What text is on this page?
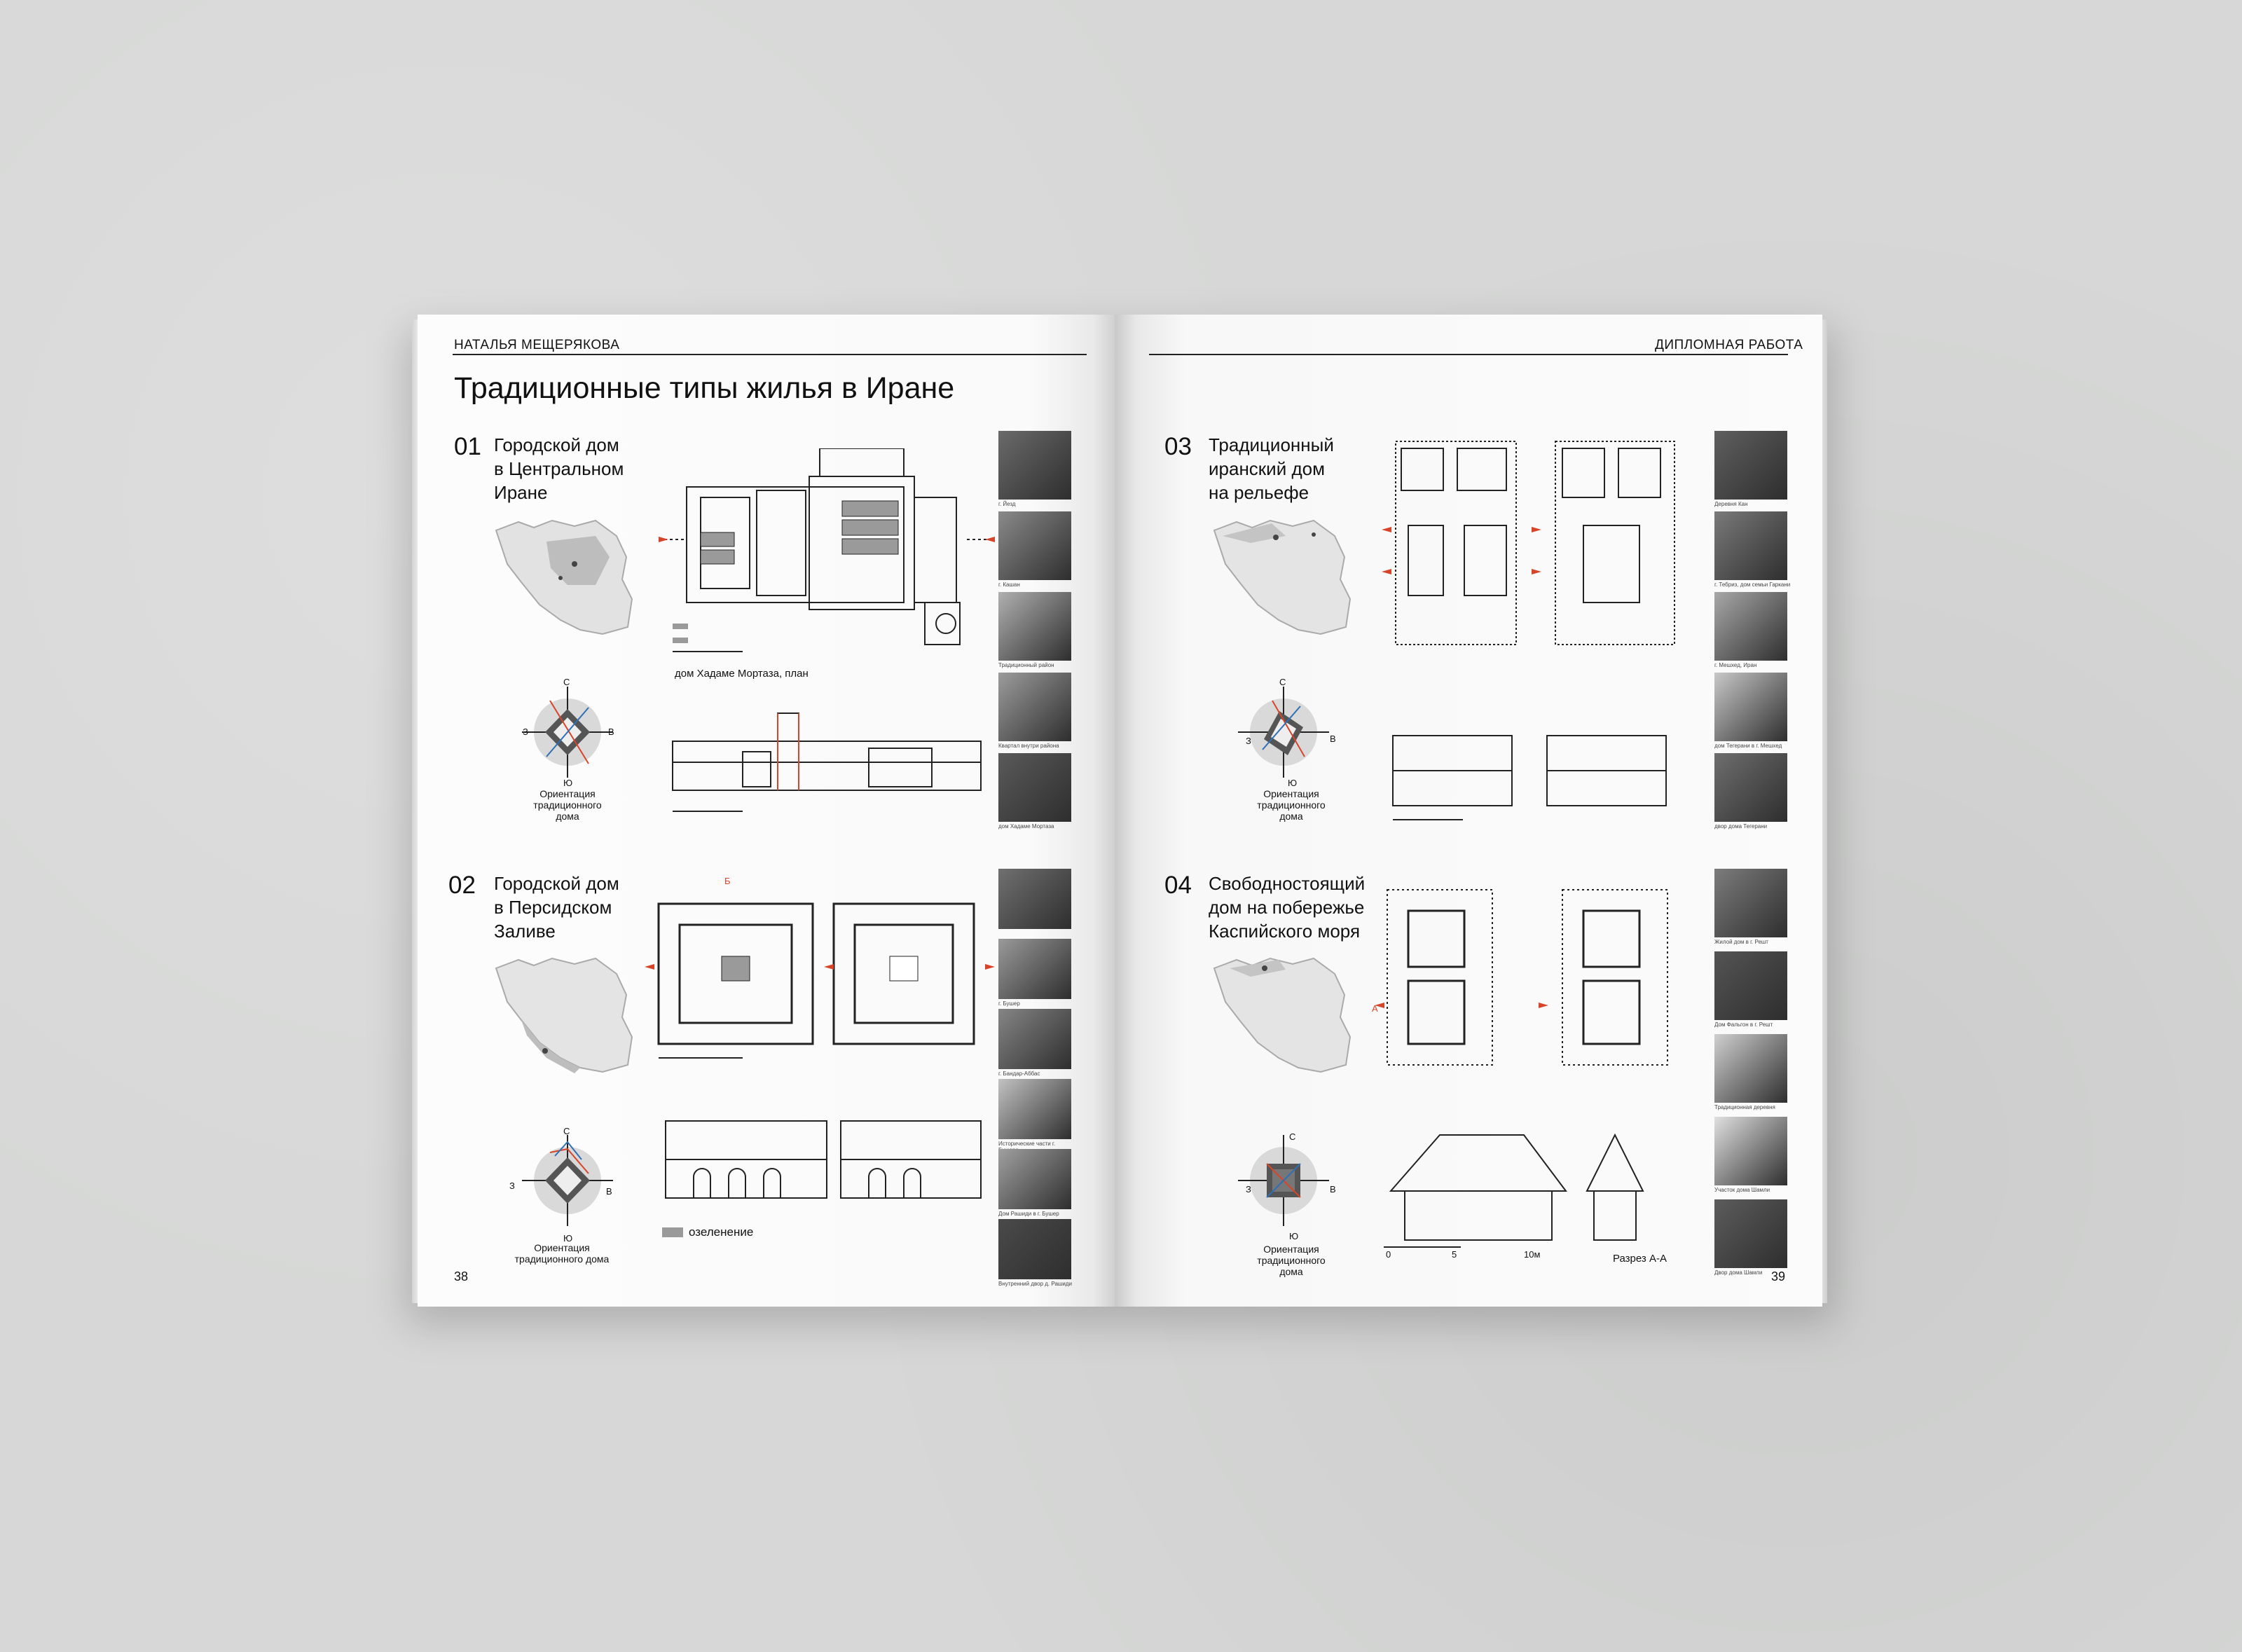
НАТАЛЬЯ МЕЩЕРЯКОВА	ДИПЛОМНАЯ РАБОТА
Традиционные типы жилья в Иране
01 Городской дом
в Центральном
Иране
02 Городской дом
в Персидском
Заливе
03 Традиционный
иранский дом
на рельефе
04 Свободностоящий
дом на побережье
Каспийского моря
38	39
С
З	В
Ю
С
З
В
Ю
С
З	В
Ю
С
З	В
Ю
Ориентация
традиционного дома
Ориентация
традиционного дома
Ориентация
традиционного дома
Ориентация
традиционного дома
дом Хадаме Мортаза, план
озеленение
0	5	10м	Разрез А-А
А
Б
г. Йезд
г. Кашан
Традиционный район
Квартал внутри района
дом Хадаме Мортаза
г. Бушер
г. Бандар-Аббас
Исторические части г.
Дом Рашиди в г. Бушер
Внутренний двор д. Рашиди
Деревня Кан
г. Тебриз, дом семьи Гаркани
г. Мешхед, Иран
дом Тегерани в г. Мешхед
двор дома Тегерани
Жилой дом в г. Решт
Дом Фальгон в г. Решт
Традиционная деревня
Участок дома Шамли
Двор дома Шамли
